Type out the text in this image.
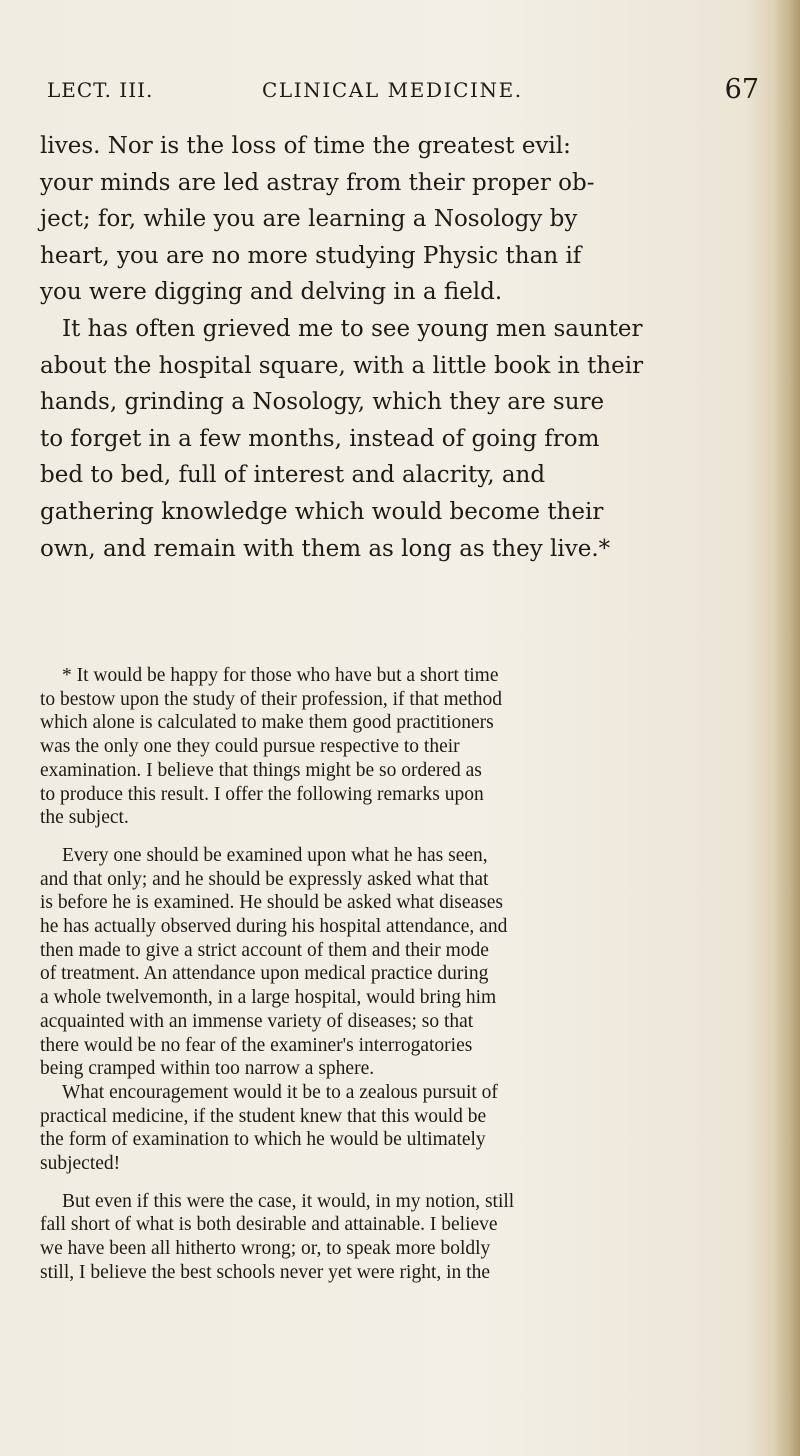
LECT. III.	CLINICAL MEDICINE.	67

lives. Nor is the loss of time the greatest evil:
your minds are led astray from their proper ob-
ject; for, while you are learning a Nosology by
heart, you are no more studying Physic than if
you were digging and delving in a field.

It has often grieved me to see young men saunter
about the hospital square, with a little book in their
hands, grinding a Nosology, which they are sure
to forget in a few months, instead of going from
bed to bed, full of interest and alacrity, and
gathering knowledge which would become their
own, and remain with them as long as they live.*

* It would be happy for those who have but a short time
to bestow upon the study of their profession, if that method
which alone is calculated to make them good practitioners
was the only one they could pursue respective to their
examination. I believe that things might be so ordered as
to produce this result. I offer the following remarks upon
the subject.

Every one should be examined upon what he has seen,
and that only; and he should be expressly asked what that
is before he is examined. He should be asked what diseases
he has actually observed during his hospital attendance, and
then made to give a strict account of them and their mode
of treatment. An attendance upon medical practice during
a whole twelvemonth, in a large hospital, would bring him
acquainted with an immense variety of diseases; so that
there would be no fear of the examiner's interrogatories
being cramped within too narrow a sphere.

What encouragement would it be to a zealous pursuit of
practical medicine, if the student knew that this would be
the form of examination to which he would be ultimately
subjected!

But even if this were the case, it would, in my notion, still
fall short of what is both desirable and attainable. I believe
we have been all hitherto wrong; or, to speak more boldly
still, I believe the best schools never yet were right, in the
